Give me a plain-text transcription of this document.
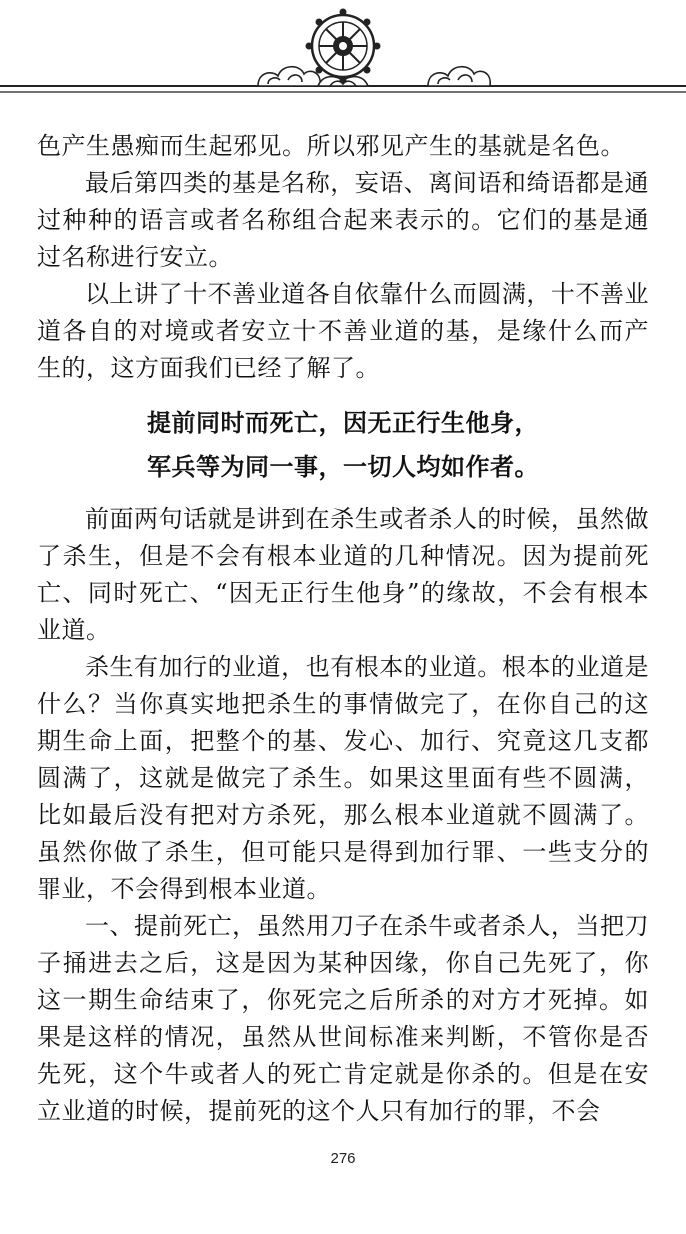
色产生愚痴而生起邪见。所以邪见产生的基就是名色。

最后第四类的基是名称，妄语、离间语和绮语都是通过种种的语言或者名称组合起来表示的。它们的基是通过名称进行安立。

以上讲了十不善业道各自依靠什么而圆满，十不善业道各自的对境或者安立十不善业道的基，是缘什么而产生的，这方面我们已经了解了。

提前同时而死亡，因无正行生他身，
军兵等为同一事，一切人均如作者。

前面两句话就是讲到在杀生或者杀人的时候，虽然做了杀生，但是不会有根本业道的几种情况。因为提前死亡、同时死亡、“因无正行生他身”的缘故，不会有根本业道。

杀生有加行的业道，也有根本的业道。根本的业道是什么？当你真实地把杀生的事情做完了，在你自己的这期生命上面，把整个的基、发心、加行、究竟这几支都圆满了，这就是做完了杀生。如果这里面有些不圆满，比如最后没有把对方杀死，那么根本业道就不圆满了。虽然你做了杀生，但可能只是得到加行罪、一些支分的罪业，不会得到根本业道。

一、提前死亡，虽然用刀子在杀牛或者杀人，当把刀子捅进去之后，这是因为某种因缘，你自己先死了，你这一期生命结束了，你死完之后所杀的对方才死掉。如果是这样的情况，虽然从世间标准来判断，不管你是否先死，这个牛或者人的死亡肯定就是你杀的。但是在安立业道的时候，提前死的这个人只有加行的罪，不会

276
